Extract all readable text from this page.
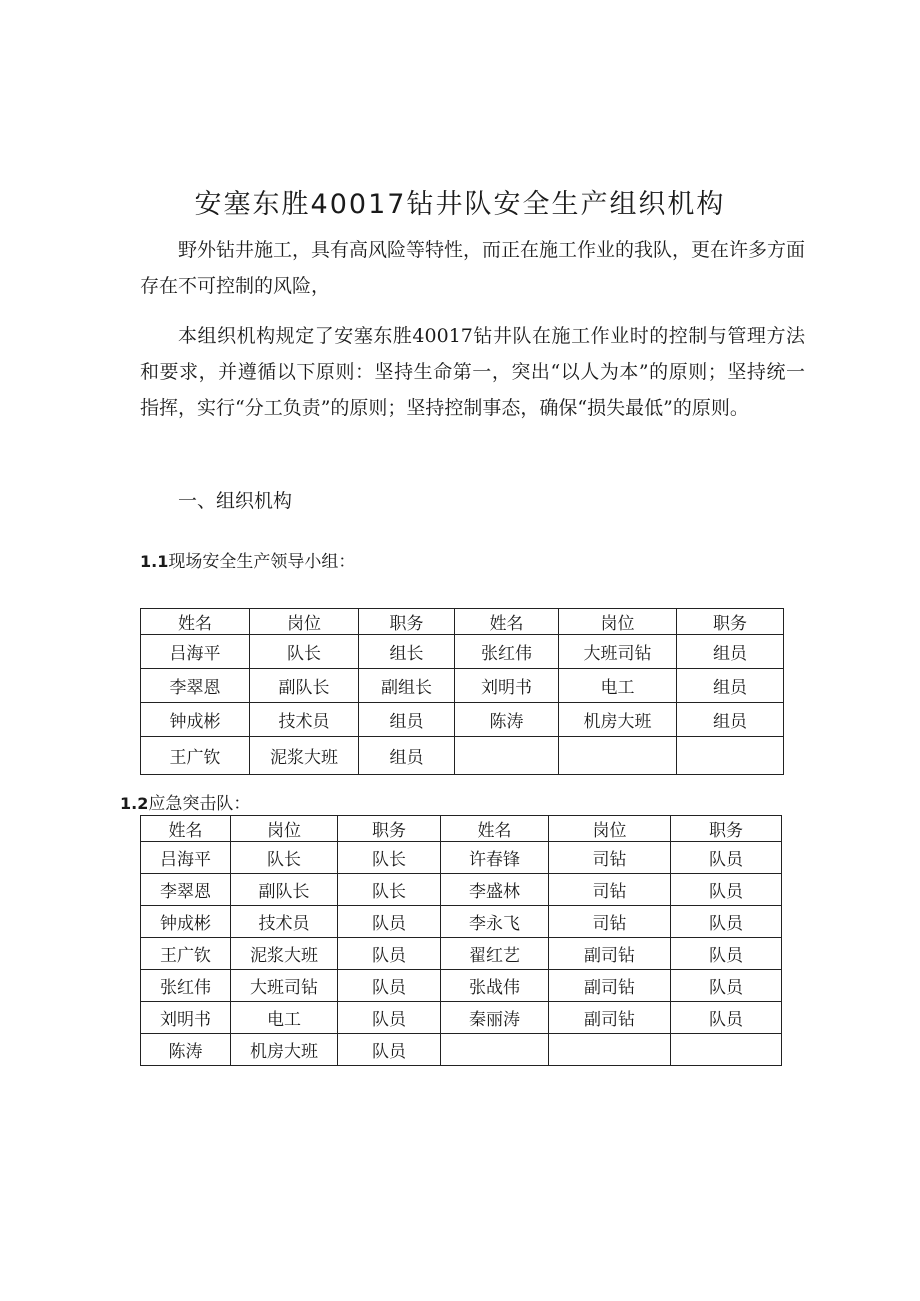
安塞东胜40017钻井队安全生产组织机构
野外钻井施工，具有高风险等特性，而正在施工作业的我队，更在许多方面存在不可控制的风险，
本组织机构规定了安塞东胜40017钻井队在施工作业时的控制与管理方法和要求，并遵循以下原则：坚持生命第一，突出“以人为本”的原则；坚持统一指挥，实行“分工负责”的原则；坚持控制事态，确保“损失最低”的原则。
一、组织机构
1.1现场安全生产领导小组：
姓名	岗位	职务	姓名	岗位	职务
吕海平	队长	组长	张红伟	大班司钻	组员
李翠恩	副队长	副组长	刘明书	电工	组员
钟成彬	技术员	组员	陈涛	机房大班	组员
王广钦	泥浆大班	组员			
1.2应急突击队：
姓名	岗位	职务	姓名	岗位	职务
吕海平	队长	队长	许春锋	司钻	队员
李翠恩	副队长	队长	李盛林	司钻	队员
钟成彬	技术员	队员	李永飞	司钻	队员
王广钦	泥浆大班	队员	翟红艺	副司钻	队员
张红伟	大班司钻	队员	张战伟	副司钻	队员
刘明书	电工	队员	秦丽涛	副司钻	队员
陈涛	机房大班	队员			
